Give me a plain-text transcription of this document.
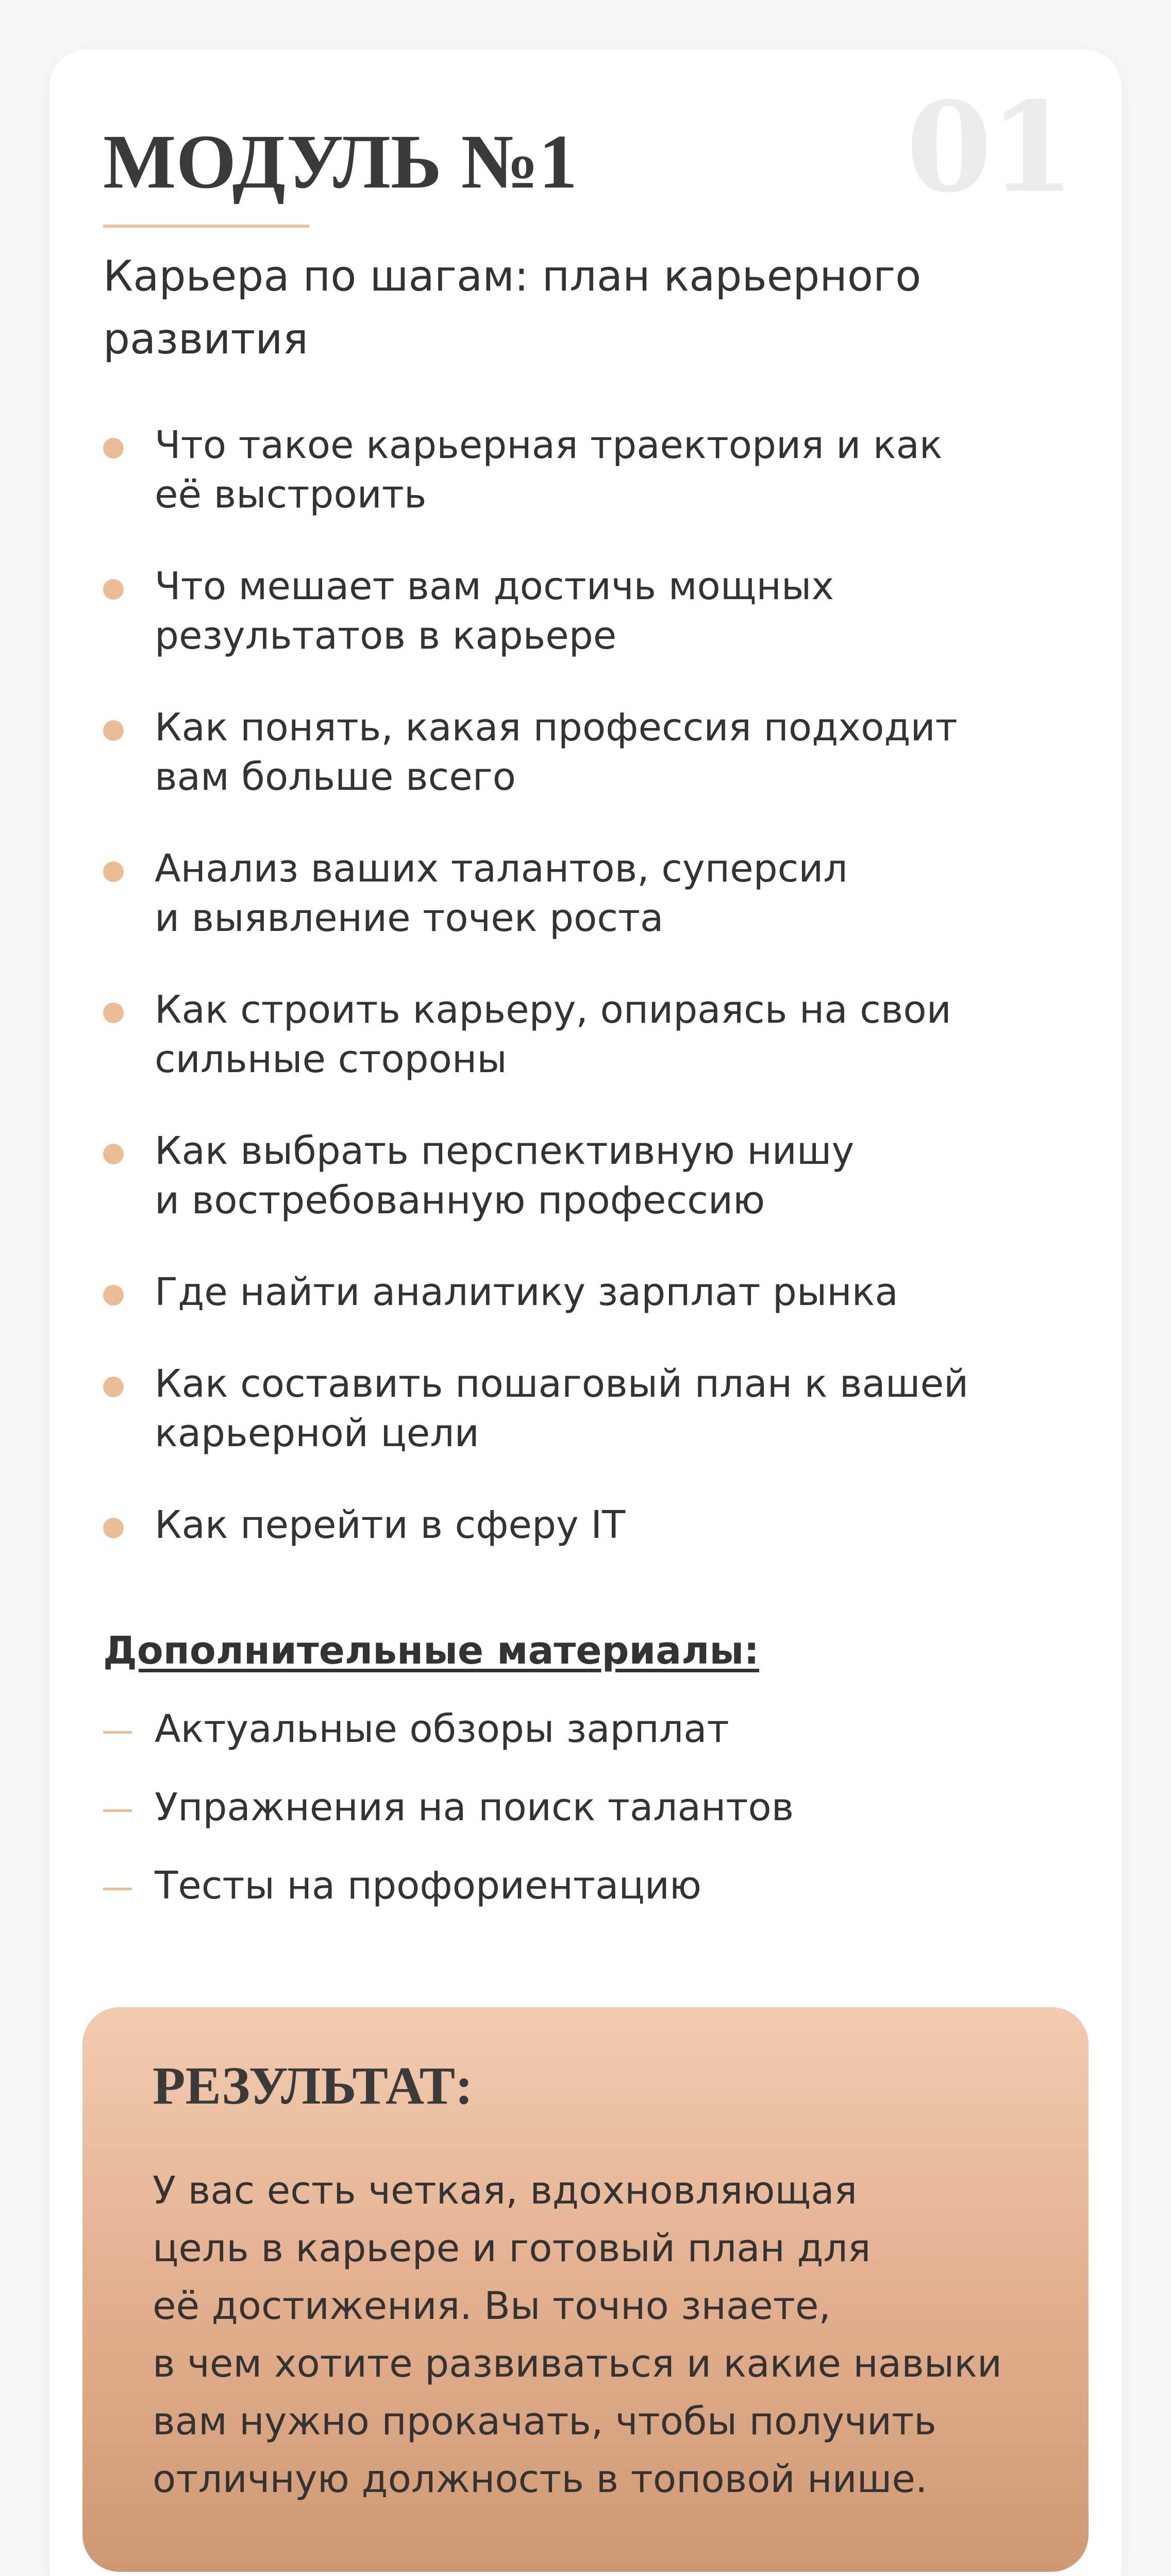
01
МОДУЛЬ №1
Карьера по шагам: план карьерного
развития
Что такое карьерная траектория и как
её выстроить
Что мешает вам достичь мощных
результатов в карьере
Как понять, какая профессия подходит
вам больше всего
Анализ ваших талантов, суперсил
и выявление точек роста
Как строить карьеру, опираясь на свои
сильные стороны
Как выбрать перспективную нишу
и востребованную профессию
Где найти аналитику зарплат рынка
Как составить пошаговый план к вашей
карьерной цели
Как перейти в сферу IT
Дополнительные материалы:
Актуальные обзоры зарплат
Упражнения на поиск талантов
Тесты на профориентацию
РЕЗУЛЬТАТ:

У вас есть четкая, вдохновляющая
цель в карьере и готовый план для
её достижения. Вы точно знаете,
в чем хотите развиваться и какие навыки
вам нужно прокачать, чтобы получить
отличную должность в топовой нише.
